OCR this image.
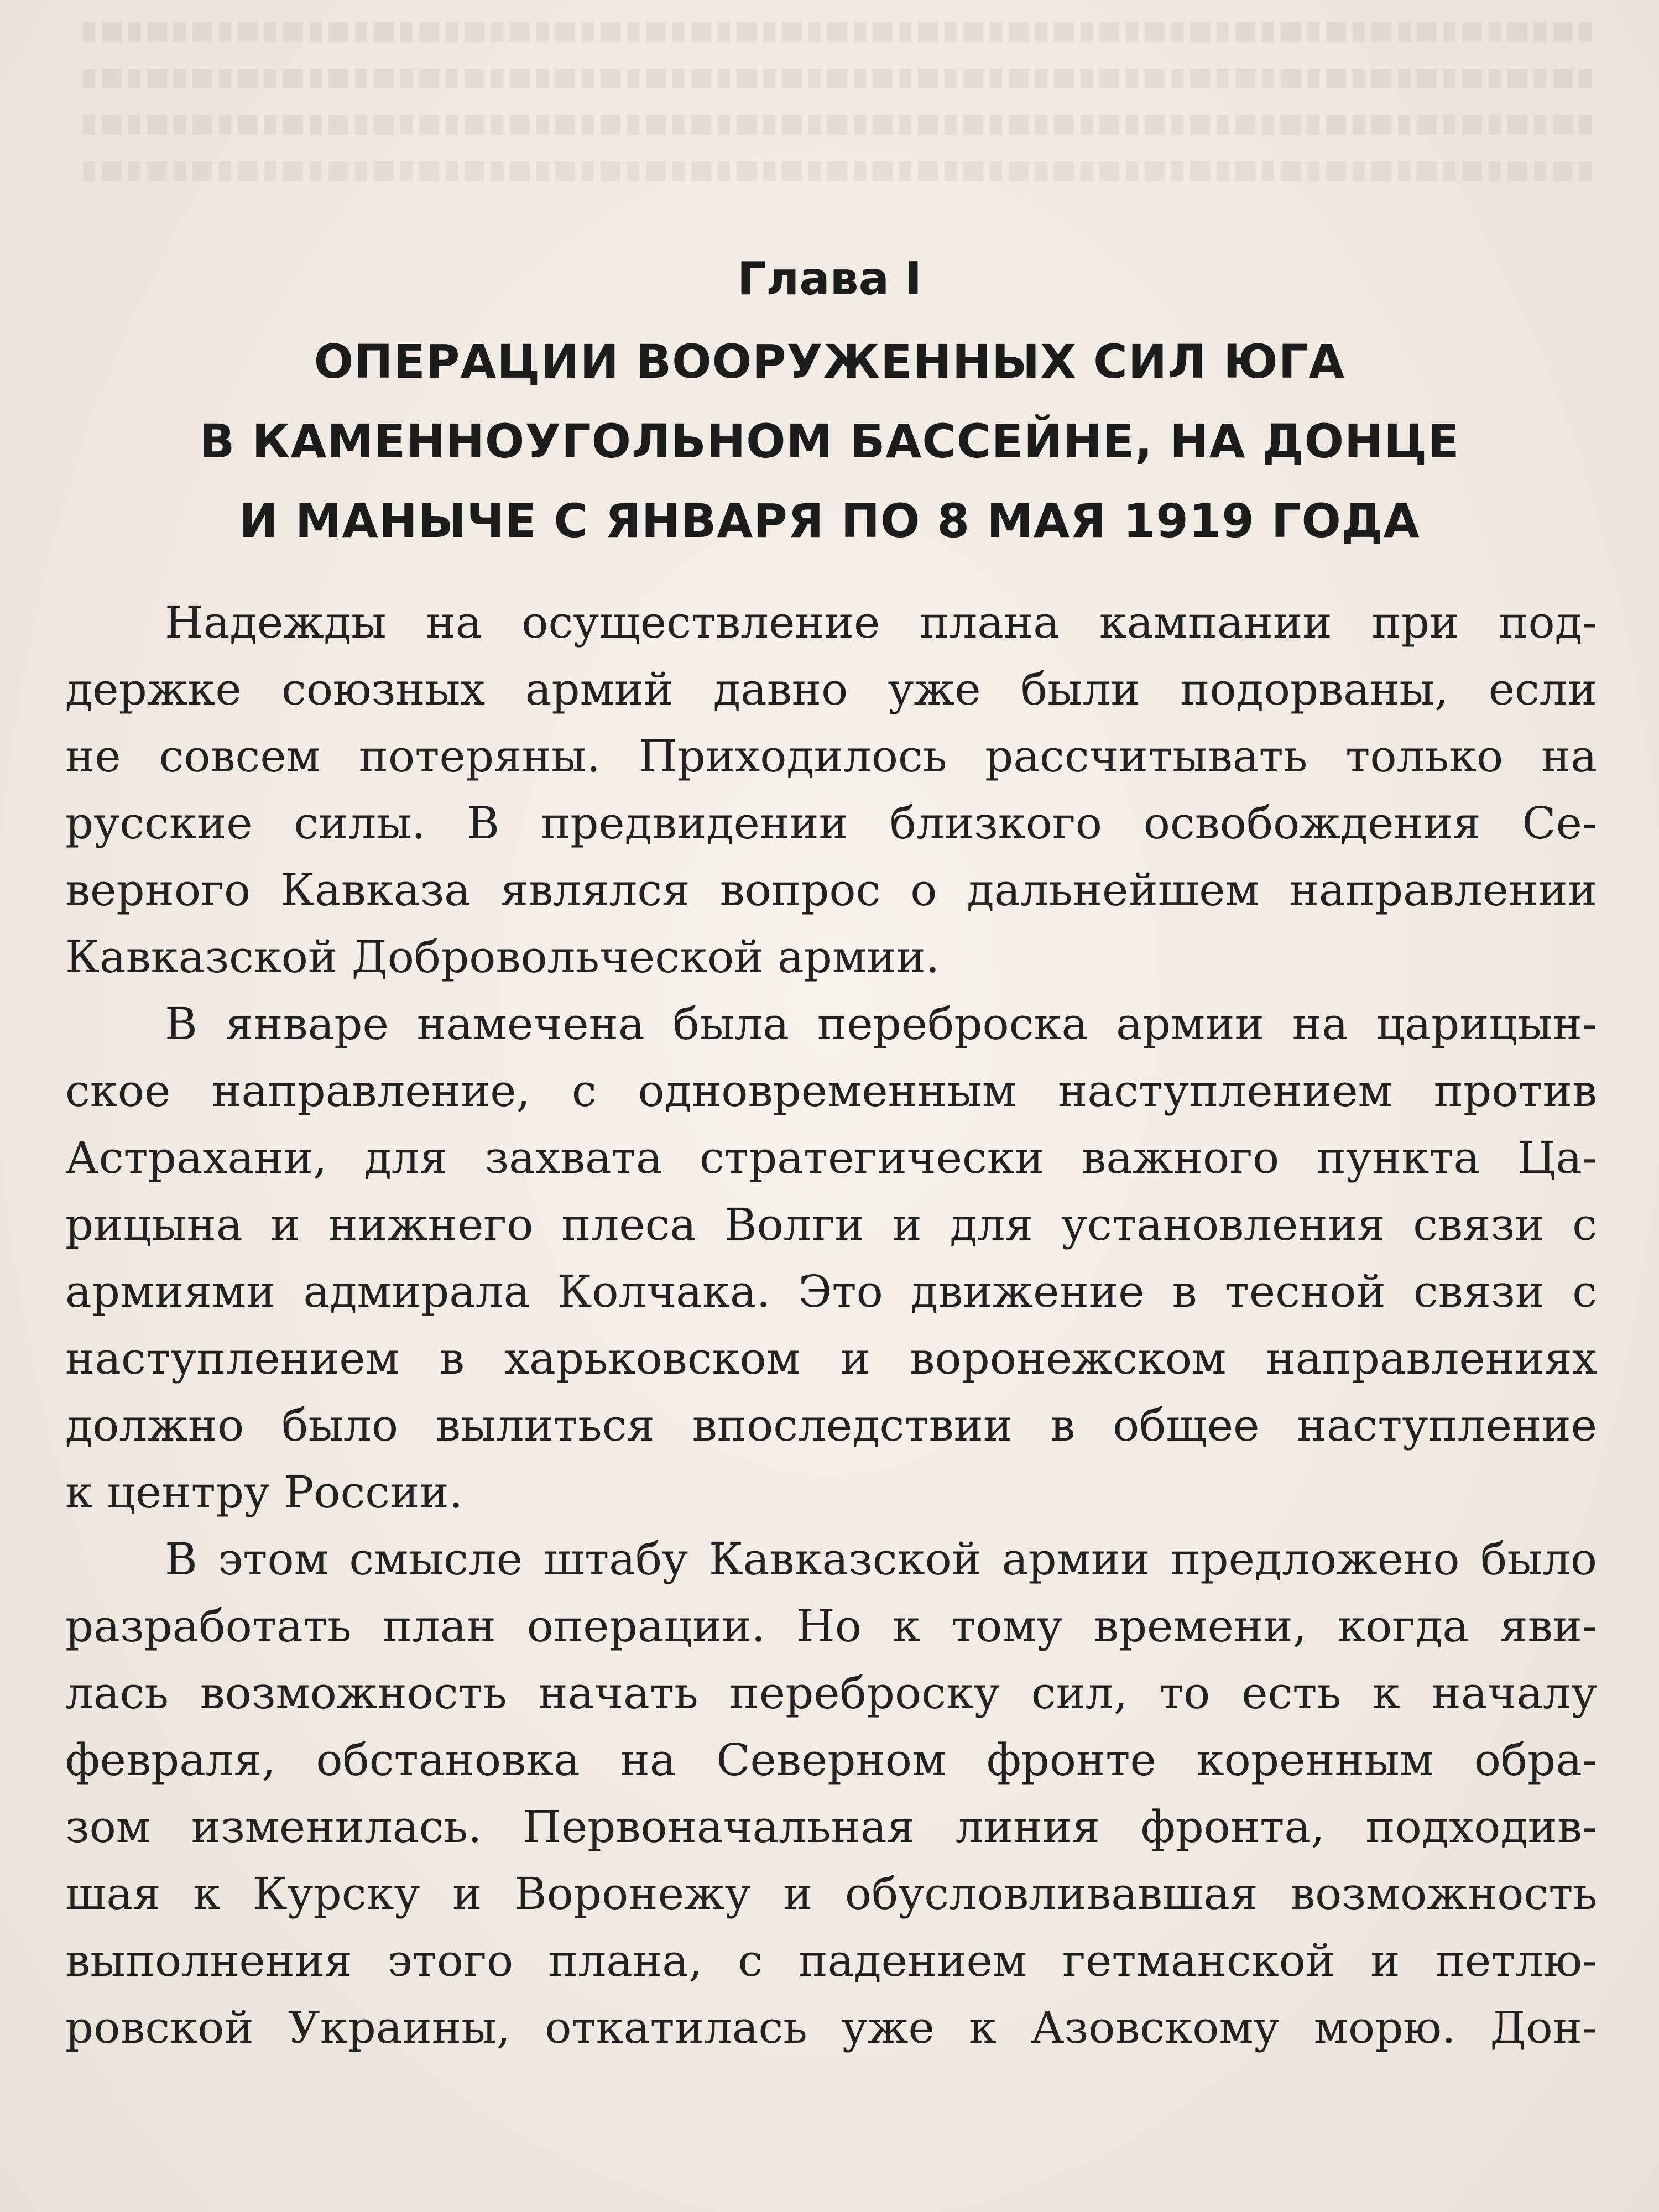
Глава I
ОПЕРАЦИИ ВООРУЖЕННЫХ СИЛ ЮГА
В КАМЕННОУГОЛЬНОМ БАССЕЙНЕ, НА ДОНЦЕ
И МАНЫЧЕ С ЯНВАРЯ ПО 8 МАЯ 1919 ГОДА
Надежды на осуществление плана кампании при под-
держке союзных армий давно уже были подорваны, если
не совсем потеряны. Приходилось рассчитывать только на
русские силы. В предвидении близкого освобождения Се-
верного Кавказа являлся вопрос о дальнейшем направлении
Кавказской Добровольческой армии.
В январе намечена была переброска армии на царицын-
ское направление, с одновременным наступлением против
Астрахани, для захвата стратегически важного пункта Ца-
рицына и нижнего плеса Волги и для установления связи с
армиями адмирала Колчака. Это движение в тесной связи с
наступлением в харьковском и воронежском направлениях
должно было вылиться впоследствии в общее наступление
к центру России.
В этом смысле штабу Кавказской армии предложено было
разработать план операции. Но к тому времени, когда яви-
лась возможность начать переброску сил, то есть к началу
февраля, обстановка на Северном фронте коренным обра-
зом изменилась. Первоначальная линия фронта, подходив-
шая к Курску и Воронежу и обусловливавшая возможность
выполнения этого плана, с падением гетманской и петлю-
ровской Украины, откатилась уже к Азовскому морю. Дон-
